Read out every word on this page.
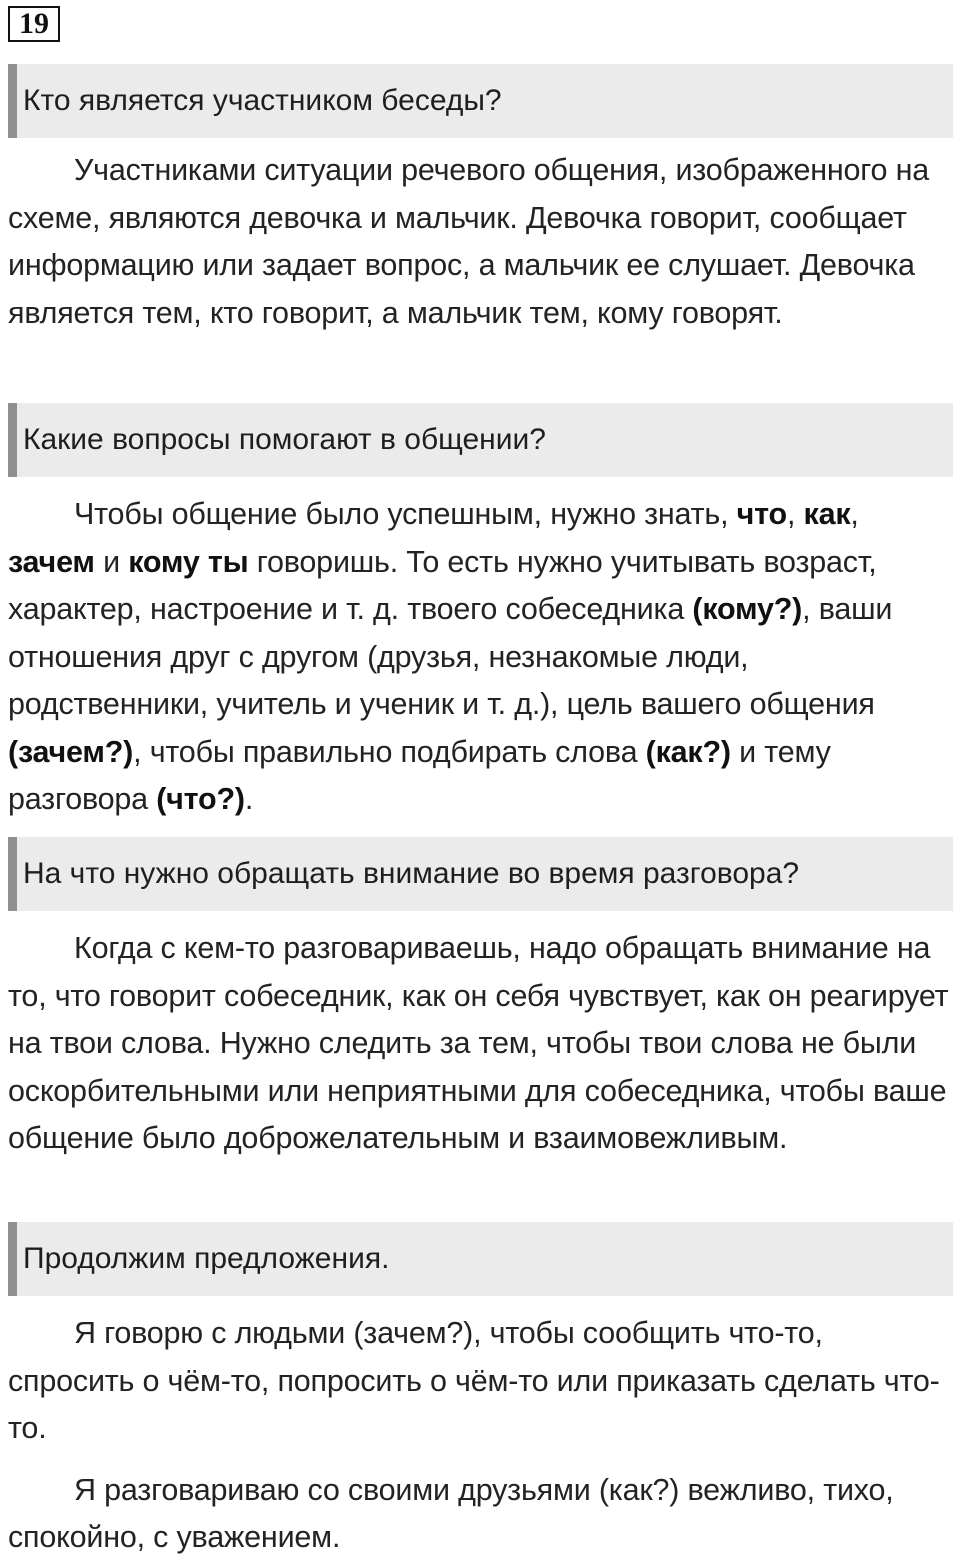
19
Кто является участником беседы?

Участниками ситуации речевого общения, изображенного на схеме, являются девочка и мальчик. Девочка говорит, сообщает информацию или задает вопрос, а мальчик ее слушает. Девочка является тем, кто говорит, а мальчик тем, кому говорят.

Какие вопросы помогают в общении?

Чтобы общение было успешным, нужно знать, что, как, зачем и кому ты говоришь. То есть нужно учитывать возраст, характер, настроение и т. д. твоего собеседника (кому?), ваши отношения друг с другом (друзья, незнакомые люди, родственники, учитель и ученик и т. д.), цель вашего общения (зачем?), чтобы правильно подбирать слова (как?) и тему разговора (что?).

На что нужно обращать внимание во время разговора?

Когда с кем-то разговариваешь, надо обращать внимание на то, что говорит собеседник, как он себя чувствует, как он реагирует на твои слова. Нужно следить за тем, чтобы твои слова не были оскорбительными или неприятными для собеседника, чтобы ваше общение было доброжелательным и взаимовежливым.

Продолжим предложения.

Я говорю с людьми (зачем?), чтобы сообщить что-то, спросить о чём-то, попросить о чём-то или приказать сделать что-то.

Я разговариваю со своими друзьями (как?) вежливо, тихо, спокойно, с уважением.
